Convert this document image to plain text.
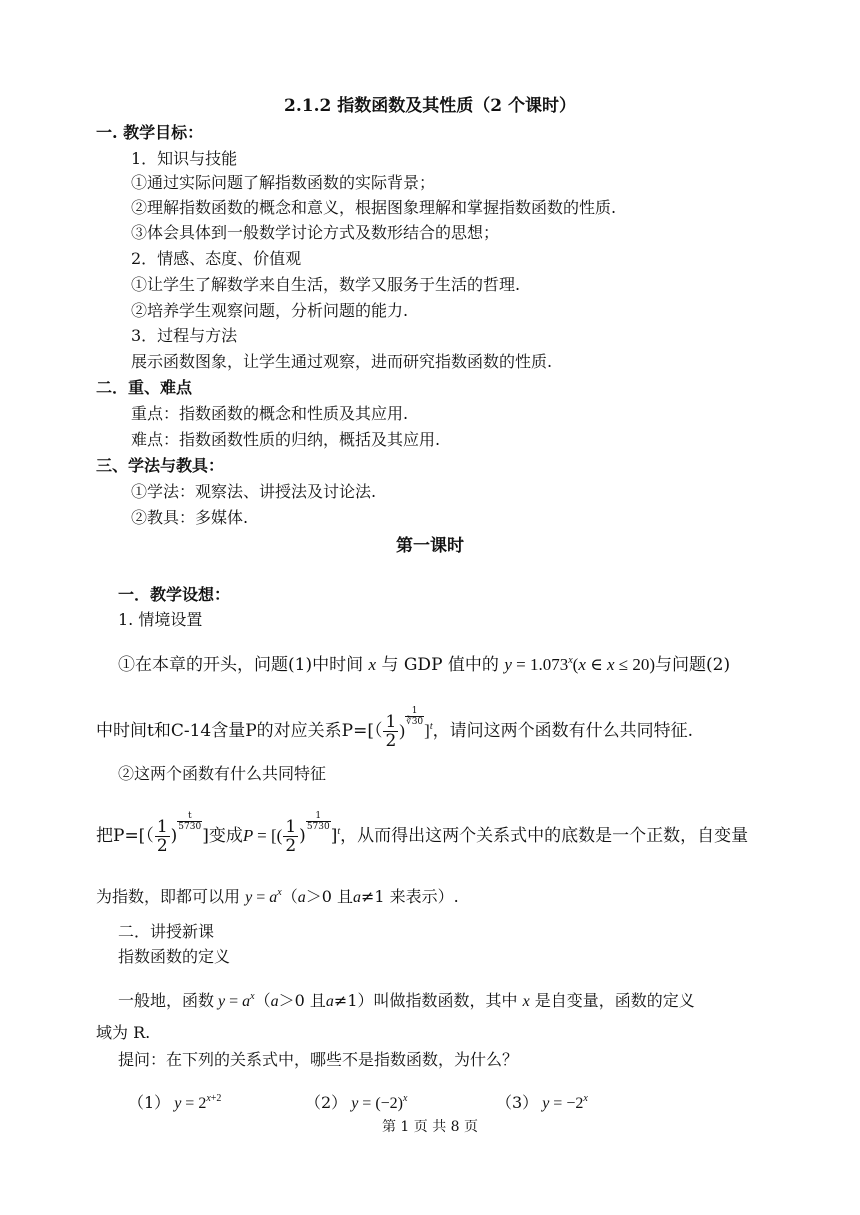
2.1.2 指数函数及其性质（2 个课时）
一. 教学目标：
1．知识与技能
①通过实际问题了解指数函数的实际背景；
②理解指数函数的概念和意义，根据图象理解和掌握指数函数的性质.
③体会具体到一般数学讨论方式及数形结合的思想；
2．情感、态度、价值观
①让学生了解数学来自生活，数学又服务于生活的哲理.
②培养学生观察问题，分析问题的能力.
3．过程与方法
展示函数图象，让学生通过观察，进而研究指数函数的性质.
二．重、难点
重点：指数函数的概念和性质及其应用.
难点：指数函数性质的归纳，概括及其应用.
三、学法与教具：
①学法：观察法、讲授法及讨论法.
②教具：多媒体.
第一课时
一．教学设想：
1. 情境设置
①在本章的开头，问题(1)中时间 x 与 GDP 值中的 $y = 1.073^x(x$ ∈ x ≤ 20)与问题(2)
中时间t和C-14含量P的对应关系$P=[( \frac{1}{2}$ )
$\frac{1}{∛30}$
]$^t$，请问这两个函数有什么共同特征.
②这两个函数有什么共同特征
把$P=[( \frac{1}{2}$ )
$\frac{t}{5730}$
]变成P = [( $\frac{1}{2}$ )
$\frac{1}{5730}$
]$^t$，从而得出这两个关系式中的底数是一个正数，自变量
为指数，即都可以用 $y = a^x(a>0$ 且a≠1 来表示）.
二．讲授新课
指数函数的定义
一般地，函数 $y = a^x(a>0$ 且a≠1）叫做指数函数，其中 x 是自变量，函数的定义
域为 R.
提问：在下列的关系式中，哪些不是指数函数，为什么？
（1） $y = 2^{x+2}$	（2） $y = (-2)^x$	（3） $y = -2^x$
第 1 页 共 8 页
